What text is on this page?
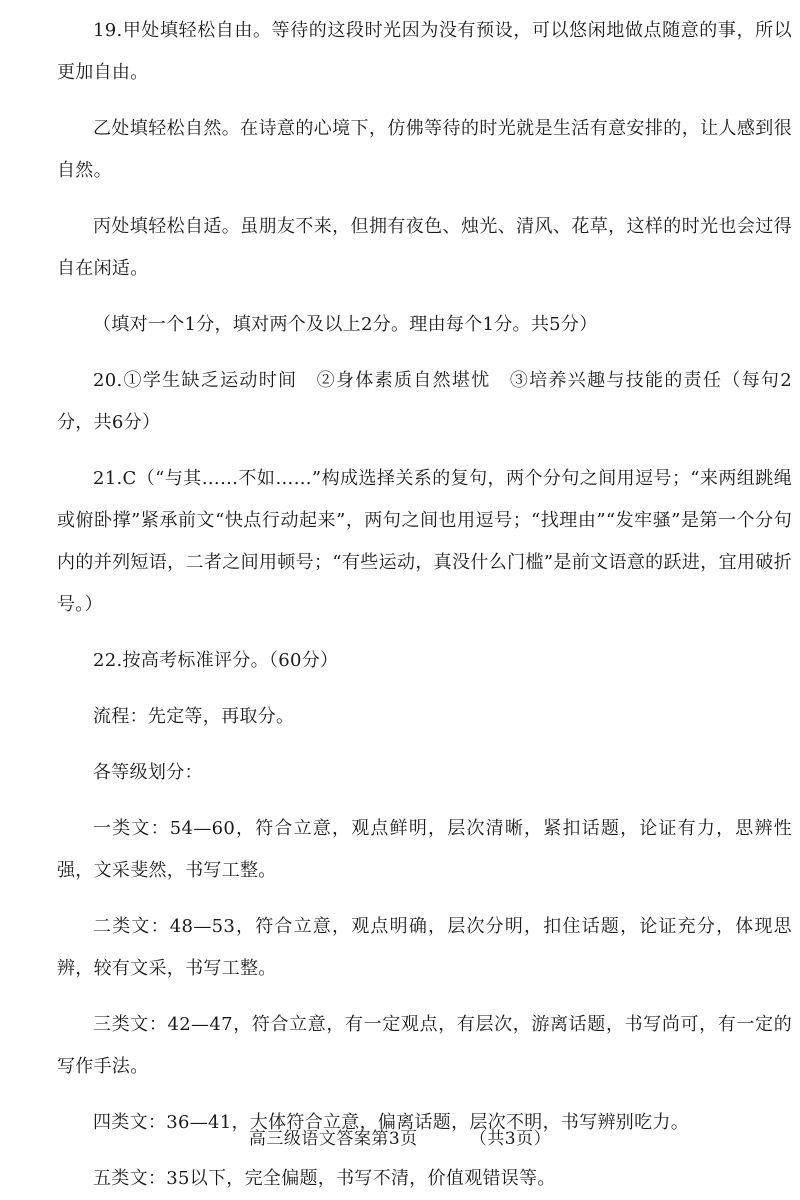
19.甲处填轻松自由。等待的这段时光因为没有预设，可以悠闲地做点随意的事，所以更加自由。

乙处填轻松自然。在诗意的心境下，仿佛等待的时光就是生活有意安排的，让人感到很自然。

丙处填轻松自适。虽朋友不来，但拥有夜色、烛光、清风、花草，这样的时光也会过得自在闲适。

（填对一个1分，填对两个及以上2分。理由每个1分。共5分）

20.①学生缺乏运动时间　②身体素质自然堪忧　③培养兴趣与技能的责任（每句2分，共6分）

21.C（“与其……不如……”构成选择关系的复句，两个分句之间用逗号；“来两组跳绳或俯卧撑”紧承前文“快点行动起来”，两句之间也用逗号；“找理由”“发牢骚”是第一个分句内的并列短语，二者之间用顿号；“有些运动，真没什么门槛”是前文语意的跃进，宜用破折号。）

22.按高考标准评分。（60分）

流程：先定等，再取分。

各等级划分：

一类文：54—60，符合立意，观点鲜明，层次清晰，紧扣话题，论证有力，思辨性强，文采斐然，书写工整。

二类文：48—53，符合立意，观点明确，层次分明，扣住话题，论证充分，体现思辨，较有文采，书写工整。

三类文：42—47，符合立意，有一定观点，有层次，游离话题，书写尚可，有一定的写作手法。

四类文：36—41，大体符合立意，偏离话题，层次不明，书写辨别吃力。

五类文：35以下，完全偏题，书写不清，价值观错误等。

高三级语文答案第3页	（共3页）
